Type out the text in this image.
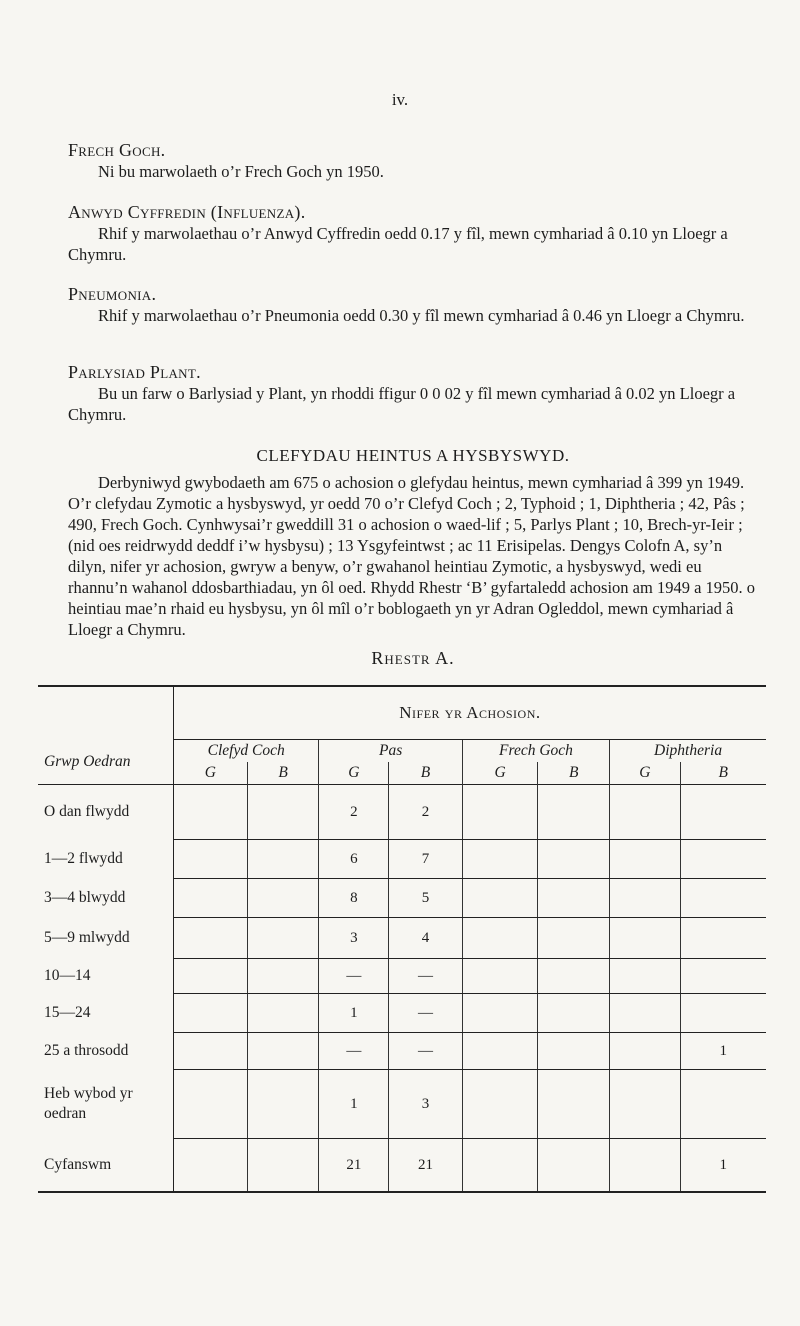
iv.

Frech Goch.

Ni bu marwolaeth o’r Frech Goch yn 1950.

Anwyd Cyffredin (Influenza).

Rhif y marwolaethau o’r Anwyd Cyffredin oedd 0.17 y fîl, mewn cymhariad â 0.10 yn Lloegr a Chymru.

Pneumonia.

Rhif y marwolaethau o’r Pneumonia oedd 0.30 y fîl mewn cymhariad â 0.46 yn Lloegr a Chymru.

Parlysiad Plant.

Bu un farw o Barlysiad y Plant, yn rhoddi ffigur 0 0 02 y fîl mewn cymhariad â 0.02 yn Lloegr a Chymru.

CLEFYDAU HEINTUS A HYSBYSWYD.

Derbyniwyd gwybodaeth am 675 o achosion o glefydau heintus, mewn cymhariad â 399 yn 1949. O’r clefydau Zymotic a hysbyswyd, yr oedd 70 o’r Clefyd Coch ; 2, Typhoid ; 1, Diphtheria ; 42, Pâs ; 490, Frech Goch. Cynhwysai’r gweddill 31 o achosion o waed-lif ; 5, Parlys Plant ; 10, Brech-yr-Ieir ; (nid oes reidrwydd deddf i’w hysbysu) ; 13 Ysgyfeintwst ; ac 11 Erisipelas. Dengys Colofn A, sy’n dilyn, nifer yr achosion, gwryw a benyw, o’r gwahanol heintiau Zymotic, a hysbyswyd, wedi eu rhannu’n wahanol ddosbarthiadau, yn ôl oed. Rhydd Rhestr ‘B’ gyfartaledd achosion am 1949 a 1950. o heintiau mae’n rhaid eu hysbysu, yn ôl mîl o’r boblogaeth yn yr Adran Ogleddol, mewn cymhariad â Lloegr a Chymru.

Rhestr A.

	Nifer yr Achosion.							
Grwp Oedran	Clefyd Coch		Pas		Frech Goch		Diphtheria	
	G	B	G	B	G	B	G	B
O dan flwydd			2	2				
1—2 flwydd			6	7				
3—4 blwydd			8	5				
5—9 mlwydd			3	4				
10—14			—	—				
15—24			1	—				
25 a throsodd			—	—				1
Heb wybod yr oedran			1	3				
Cyfanswm			21	21				1
